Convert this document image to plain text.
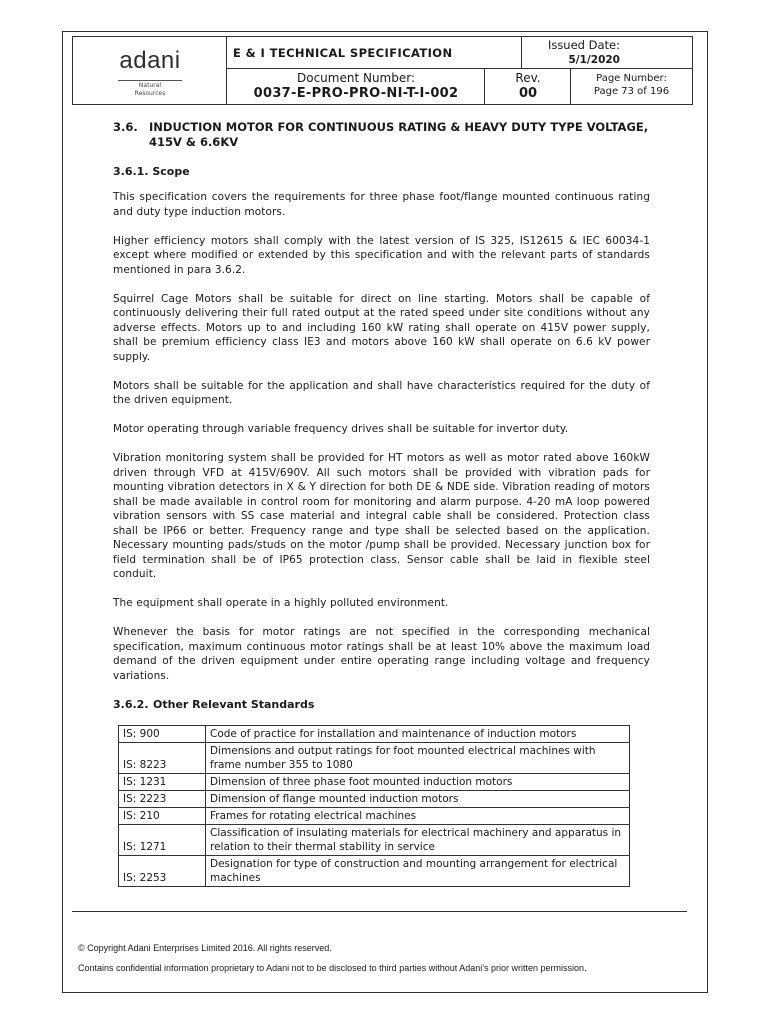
adani
Natural
Resources
E & I TECHNICAL SPECIFICATION
Issued Date:
5/1/2020
Document Number:
0037-E-PRO-PRO-NI-T-I-002
Rev.
00
Page Number:
Page 73 of 196
3.6. INDUCTION MOTOR FOR CONTINUOUS RATING & HEAVY DUTY TYPE VOLTAGE, 415V & 6.6KV
3.6.1. Scope

This specification covers the requirements for three phase foot/flange mounted continuous rating and duty type induction motors.

Higher efficiency motors shall comply with the latest version of IS 325, IS12615 & IEC 60034-1 except where modified or extended by this specification and with the relevant parts of standards mentioned in para 3.6.2.

Squirrel Cage Motors shall be suitable for direct on line starting. Motors shall be capable of continuously delivering their full rated output at the rated speed under site conditions without any adverse effects. Motors up to and including 160 kW rating shall operate on 415V power supply, shall be premium efficiency class IE3 and motors above 160 kW shall operate on 6.6 kV power supply.

Motors shall be suitable for the application and shall have characteristics required for the duty of the driven equipment.

Motor operating through variable frequency drives shall be suitable for invertor duty.

Vibration monitoring system shall be provided for HT motors as well as motor rated above 160kW driven through VFD at 415V/690V. All such motors shall be provided with vibration pads for mounting vibration detectors in X & Y direction for both DE & NDE side. Vibration reading of motors shall be made available in control room for monitoring and alarm purpose. 4-20 mA loop powered vibration sensors with SS case material and integral cable shall be considered. Protection class shall be IP66 or better. Frequency range and type shall be selected based on the application. Necessary mounting pads/studs on the motor /pump shall be provided. Necessary junction box for field termination shall be of IP65 protection class. Sensor cable shall be laid in flexible steel conduit.

The equipment shall operate in a highly polluted environment.

Whenever the basis for motor ratings are not specified in the corresponding mechanical specification, maximum continuous motor ratings shall be at least 10% above the maximum load demand of the driven equipment under entire operating range including voltage and frequency variations.

3.6.2. Other Relevant Standards
IS: 900	Code of practice for installation and maintenance of induction motors
IS: 8223	Dimensions and output ratings for foot mounted electrical machines with frame number 355 to 1080
IS: 1231	Dimension of three phase foot mounted induction motors
IS: 2223	Dimension of flange mounted induction motors
IS: 210	Frames for rotating electrical machines
IS: 1271	Classification of insulating materials for electrical machinery and apparatus in relation to their thermal stability in service
IS: 2253	Designation for type of construction and mounting arrangement for electrical machines
© Copyright Adani Enterprises Limited 2016. All rights reserved.
Contains confidential information proprietary to Adani not to be disclosed to third parties without Adani's prior written permission.
